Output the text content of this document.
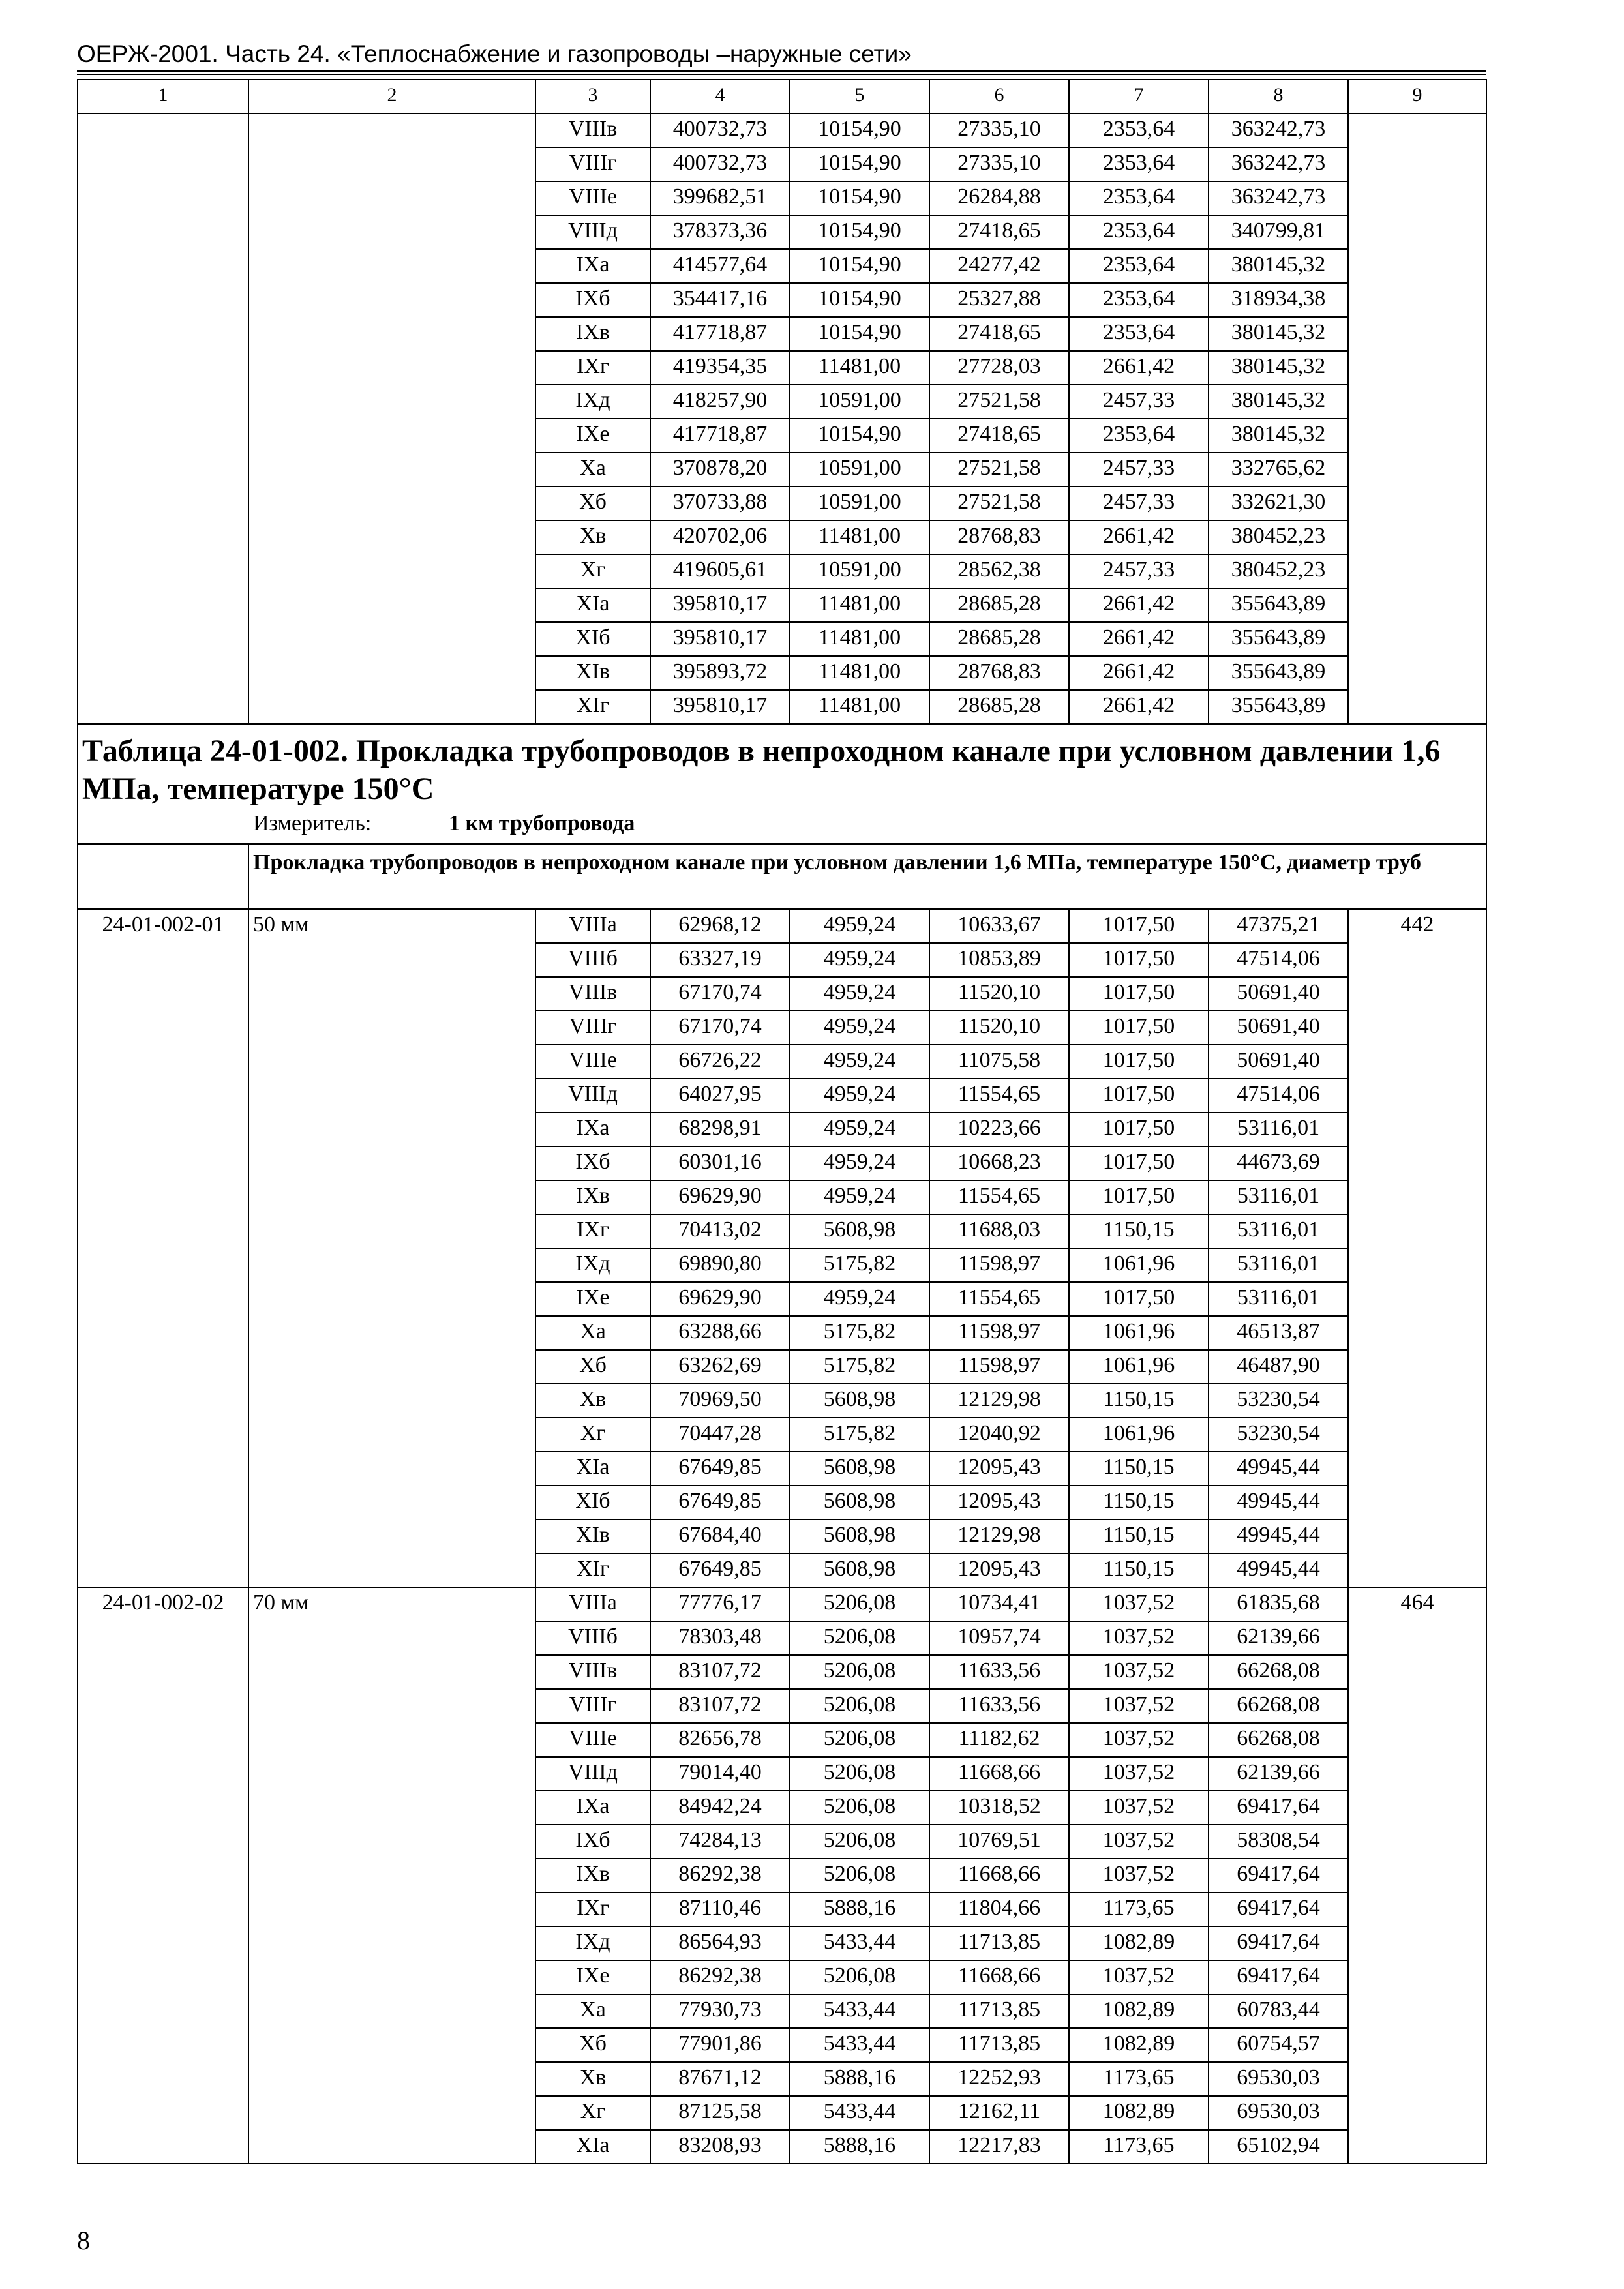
ОЕРЖ-2001. Часть 24. «Теплоснабжение и газопроводы –наружные сети»
1	2	3	4	5	6	7	8	9
		VIIIв	400732,73	10154,90	27335,10	2353,64	363242,73	
		VIIIг	400732,73	10154,90	27335,10	2353,64	363242,73	
		VIIIе	399682,51	10154,90	26284,88	2353,64	363242,73	
		VIIIд	378373,36	10154,90	27418,65	2353,64	340799,81	
		IXа	414577,64	10154,90	24277,42	2353,64	380145,32	
		IXб	354417,16	10154,90	25327,88	2353,64	318934,38	
		IXв	417718,87	10154,90	27418,65	2353,64	380145,32	
		IXг	419354,35	11481,00	27728,03	2661,42	380145,32	
		IXд	418257,90	10591,00	27521,58	2457,33	380145,32	
		IXе	417718,87	10154,90	27418,65	2353,64	380145,32	
		Xа	370878,20	10591,00	27521,58	2457,33	332765,62	
		Xб	370733,88	10591,00	27521,58	2457,33	332621,30	
		Xв	420702,06	11481,00	28768,83	2661,42	380452,23	
		Xг	419605,61	10591,00	28562,38	2457,33	380452,23	
		XIа	395810,17	11481,00	28685,28	2661,42	355643,89	
		XIб	395810,17	11481,00	28685,28	2661,42	355643,89	
		XIв	395893,72	11481,00	28768,83	2661,42	355643,89	
		XIг	395810,17	11481,00	28685,28	2661,42	355643,89	

Таблица 24-01-002. Прокладка трубопроводов в непроходном канале при условном давлении 1,6 МПа, температуре 150°С
Измеритель: 1 км трубопровода								

	Прокладка трубопроводов в непроходном канале при условном давлении 1,6 МПа, температуре 150°С, диаметр труб							
24-01-002-01	50 мм	VIIIа	62968,12	4959,24	10633,67	1017,50	47375,21	442
		VIIIб	63327,19	4959,24	10853,89	1017,50	47514,06	
		VIIIв	67170,74	4959,24	11520,10	1017,50	50691,40	
		VIIIг	67170,74	4959,24	11520,10	1017,50	50691,40	
		VIIIе	66726,22	4959,24	11075,58	1017,50	50691,40	
		VIIIд	64027,95	4959,24	11554,65	1017,50	47514,06	
		IXа	68298,91	4959,24	10223,66	1017,50	53116,01	
		IXб	60301,16	4959,24	10668,23	1017,50	44673,69	
		IXв	69629,90	4959,24	11554,65	1017,50	53116,01	
		IXг	70413,02	5608,98	11688,03	1150,15	53116,01	
		IXд	69890,80	5175,82	11598,97	1061,96	53116,01	
		IXе	69629,90	4959,24	11554,65	1017,50	53116,01	
		Xа	63288,66	5175,82	11598,97	1061,96	46513,87	
		Xб	63262,69	5175,82	11598,97	1061,96	46487,90	
		Xв	70969,50	5608,98	12129,98	1150,15	53230,54	
		Xг	70447,28	5175,82	12040,92	1061,96	53230,54	
		XIа	67649,85	5608,98	12095,43	1150,15	49945,44	
		XIб	67649,85	5608,98	12095,43	1150,15	49945,44	
		XIв	67684,40	5608,98	12129,98	1150,15	49945,44	
		XIг	67649,85	5608,98	12095,43	1150,15	49945,44	
24-01-002-02	70 мм	VIIIа	77776,17	5206,08	10734,41	1037,52	61835,68	464
		VIIIб	78303,48	5206,08	10957,74	1037,52	62139,66	
		VIIIв	83107,72	5206,08	11633,56	1037,52	66268,08	
		VIIIг	83107,72	5206,08	11633,56	1037,52	66268,08	
		VIIIе	82656,78	5206,08	11182,62	1037,52	66268,08	
		VIIIд	79014,40	5206,08	11668,66	1037,52	62139,66	
		IXа	84942,24	5206,08	10318,52	1037,52	69417,64	
		IXб	74284,13	5206,08	10769,51	1037,52	58308,54	
		IXв	86292,38	5206,08	11668,66	1037,52	69417,64	
		IXг	87110,46	5888,16	11804,66	1173,65	69417,64	
		IXд	86564,93	5433,44	11713,85	1082,89	69417,64	
		IXе	86292,38	5206,08	11668,66	1037,52	69417,64	
		Xа	77930,73	5433,44	11713,85	1082,89	60783,44	
		Xб	77901,86	5433,44	11713,85	1082,89	60754,57	
		Xв	87671,12	5888,16	12252,93	1173,65	69530,03	
		Xг	87125,58	5433,44	12162,11	1082,89	69530,03	
		XIа	83208,93	5888,16	12217,83	1173,65	65102,94	
8
